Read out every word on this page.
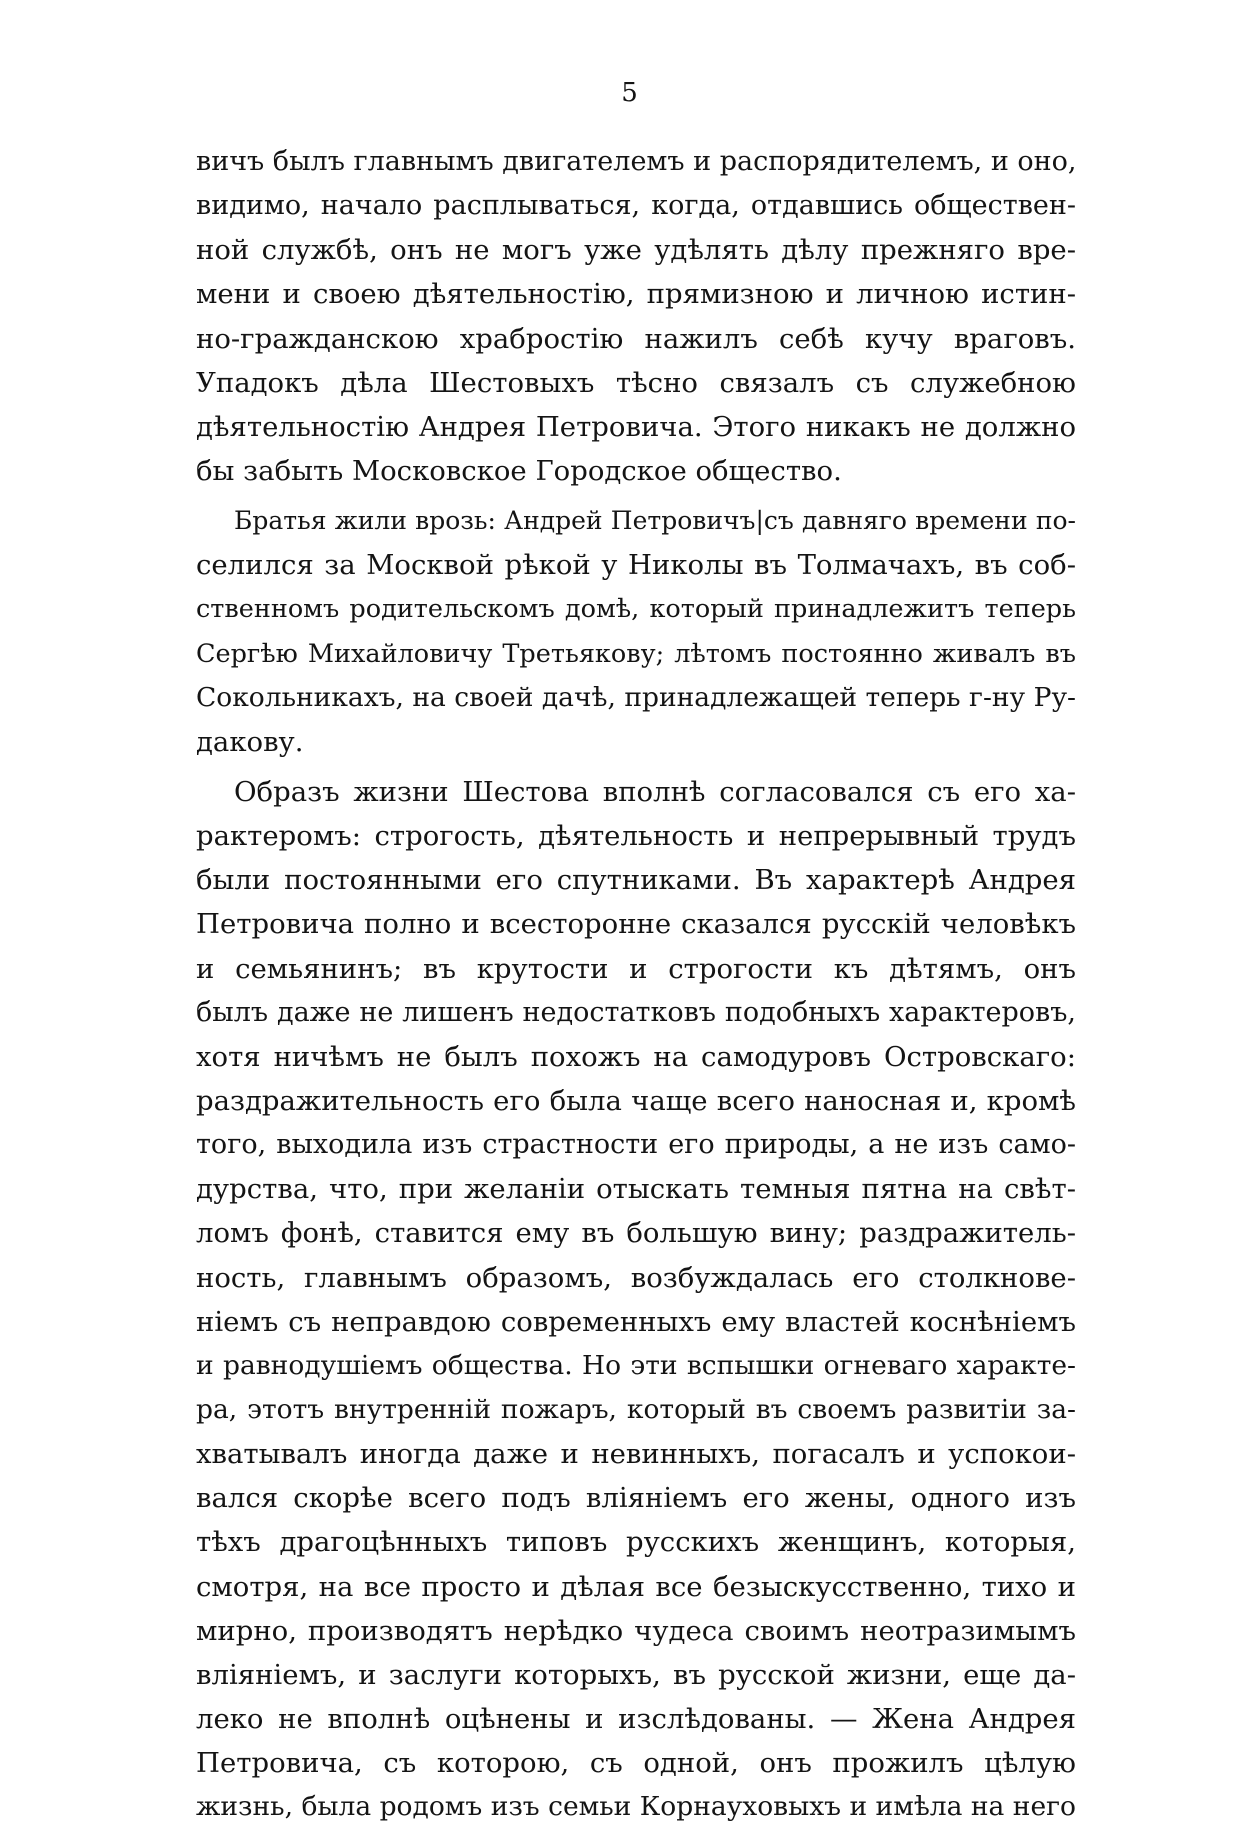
5
вичъ былъ главнымъ двигателемъ и распорядителемъ, и оно,
видимо, начало расплываться, когда, отдавшись обществен-
ной службѣ, онъ не могъ уже удѣлять дѣлу прежняго вре-
мени и своею дѣятельностію, прямизною и личною истин-
но-гражданскою храбростію нажилъ себѣ кучу враговъ.
Упадокъ дѣла Шестовыхъ тѣсно связалъ съ служебною
дѣятельностію Андрея Петровича. Этого никакъ не должно
бы забыть Московское Городское общество.
Братья жили врозь: Андрей Петровичъ|съ давняго времени по-
селился за Москвой рѣкой у Николы въ Толмачахъ, въ соб-
ственномъ родительскомъ домѣ, который принадлежитъ теперь
Сергѣю Михайловичу Третьякову; лѣтомъ постоянно живалъ въ
Сокольникахъ, на своей дачѣ, принадлежащей теперь г-ну Ру-
дакову.
Образъ жизни Шестова вполнѣ согласовался съ его ха-
рактеромъ: строгость, дѣятельность и непрерывный трудъ
были постоянными его спутниками. Въ характерѣ Андрея
Петровича полно и всесторонне сказался русскій человѣкъ
и семьянинъ; въ крутости и строгости къ дѣтямъ, онъ
былъ даже не лишенъ недостатковъ подобныхъ характеровъ,
хотя ничѣмъ не былъ похожъ на самодуровъ Островскаго:
раздражительность его была чаще всего наносная и, кромѣ
того, выходила изъ страстности его природы, а не изъ само-
дурства, что, при желаніи отыскать темныя пятна на свѣт-
ломъ фонѣ, ставится ему въ большую вину; раздражитель-
ность, главнымъ образомъ, возбуждалась его столкнове-
ніемъ съ неправдою современныхъ ему властей коснѣніемъ
и равнодушіемъ общества. Но эти вспышки огневаго характе-
ра, этотъ внутренній пожаръ, который въ своемъ развитіи за-
хватывалъ иногда даже и невинныхъ, погасалъ и успокои-
вался скорѣе всего подъ вліяніемъ его жены, одного изъ
тѣхъ драгоцѣнныхъ типовъ русскихъ женщинъ, которыя,
смотря, на все просто и дѣлая все безыскусственно, тихо и
мирно, производятъ нерѣдко чудеса своимъ неотразимымъ
вліяніемъ, и заслуги которыхъ, въ русской жизни, еще да-
леко не вполнѣ оцѣнены и изслѣдованы. — Жена Андрея
Петровича, съ которою, съ одной, онъ прожилъ цѣлую
жизнь, была родомъ изъ семьи Корнауховыхъ и имѣла на него
